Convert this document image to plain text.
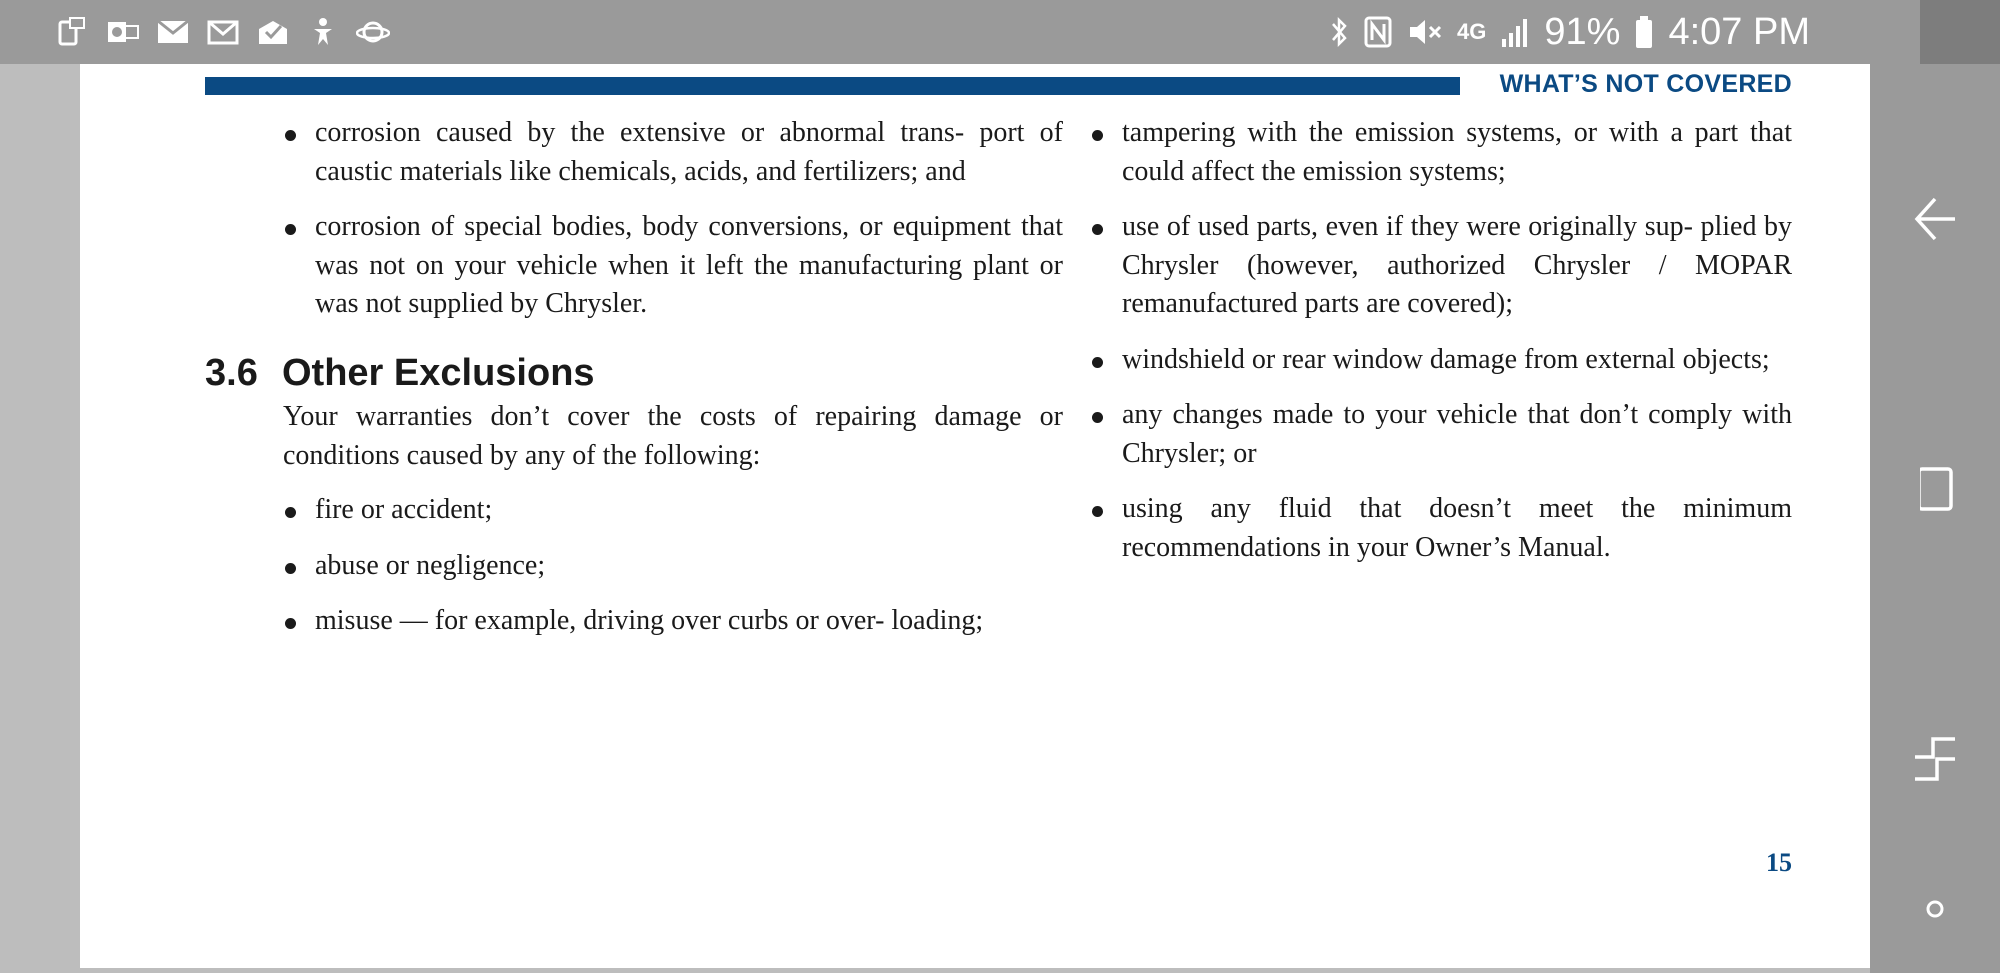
4G 91% 4:07 PM
WHAT’S NOT COVERED
corrosion caused by the extensive or abnormal trans- port of caustic materials like chemicals, acids, and fertilizers; and
corrosion of special bodies, body conversions, or equipment that was not on your vehicle when it left the manufacturing plant or was not supplied by Chrysler.
3.6 Other Exclusions
Your warranties don’t cover the costs of repairing damage or conditions caused by any of the following:
fire or accident;
abuse or negligence;
misuse — for example, driving over curbs or over- loading;
tampering with the emission systems, or with a part that could affect the emission systems;
use of used parts, even if they were originally sup- plied by Chrysler (however, authorized Chrysler / MOPAR remanufactured parts are covered);
windshield or rear window damage from external objects;
any changes made to your vehicle that don’t comply with Chrysler; or
using any fluid that doesn’t meet the minimum recommendations in your Owner’s Manual.
15
